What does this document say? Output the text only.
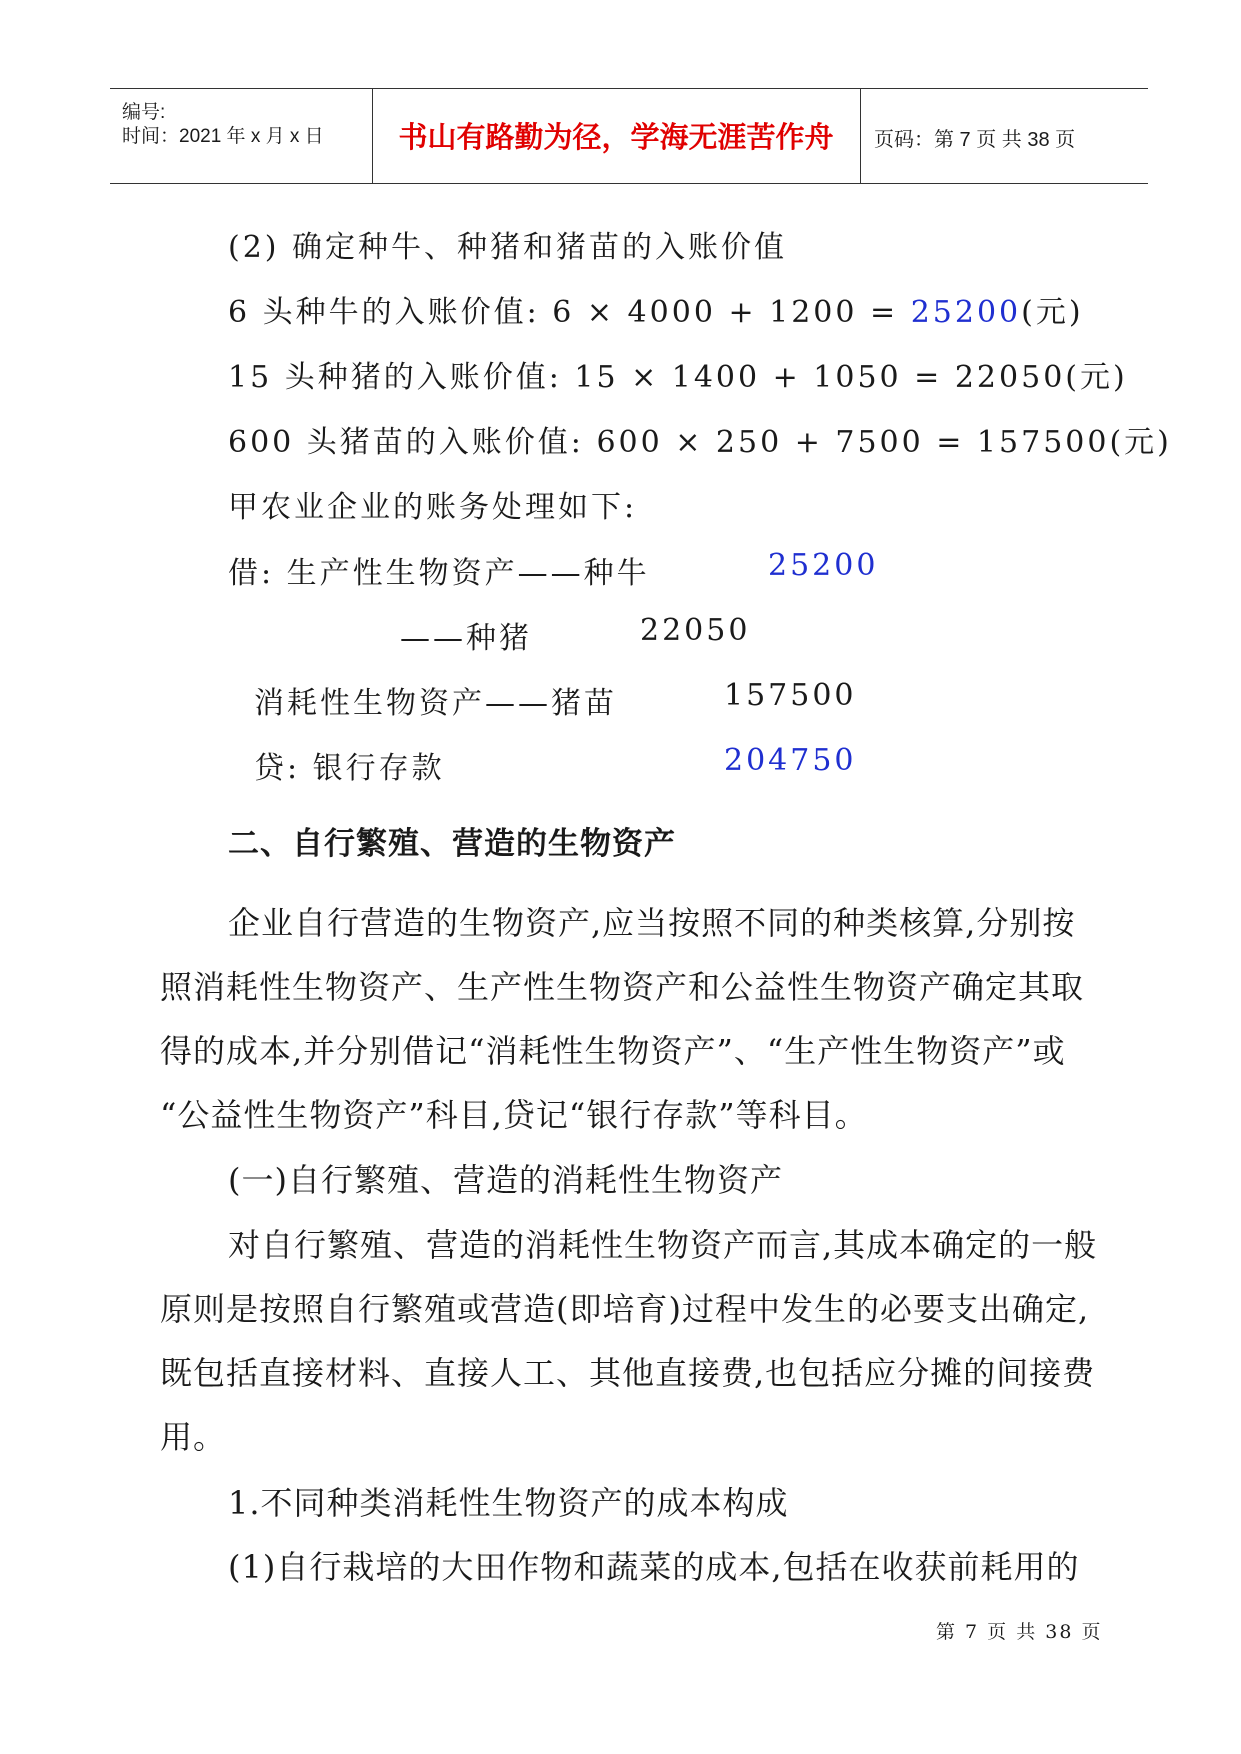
编号:
时间：2021 年 x 月 x 日	书山有路勤为径，学海无涯苦作舟	页码：第 7 页 共 38 页
(2) 确定种牛、种猪和猪苗的入账价值
6 头种牛的入账价值: 6 × 4000 + 1200 = 25200(元)
15 头种猪的入账价值: 15 × 1400 + 1050 = 22050(元)
600 头猪苗的入账价值: 600 × 250 + 7500 = 157500(元)
甲农业企业的账务处理如下:
借: 生产性生物资产——种牛	25200
——种猪	22050
消耗性生物资产——猪苗	157500
贷: 银行存款	204750
二、自行繁殖、营造的生物资产
企业自行营造的生物资产,应当按照不同的种类核算,分别按
照消耗性生物资产、生产性生物资产和公益性生物资产确定其取
得的成本,并分别借记“消耗性生物资产”、“生产性生物资产”或
“公益性生物资产”科目,贷记“银行存款”等科目。
(一)自行繁殖、营造的消耗性生物资产
对自行繁殖、营造的消耗性生物资产而言,其成本确定的一般
原则是按照自行繁殖或营造(即培育)过程中发生的必要支出确定,
既包括直接材料、直接人工、其他直接费,也包括应分摊的间接费
用。
1.不同种类消耗性生物资产的成本构成
(1)自行栽培的大田作物和蔬菜的成本,包括在收获前耗用的
第 7 页 共 38 页
